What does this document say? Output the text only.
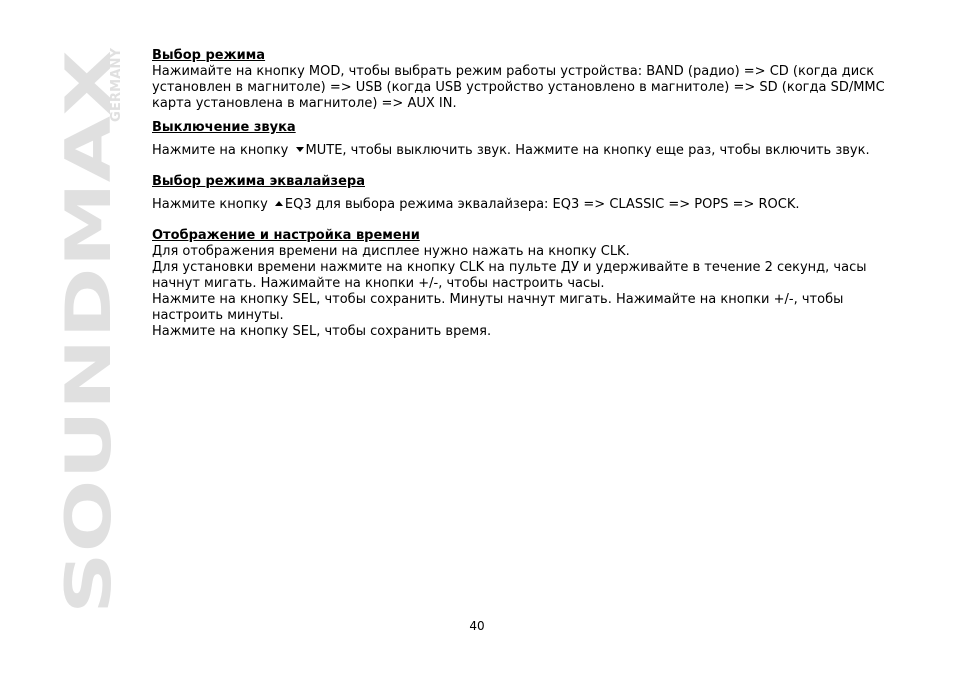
SOUNDMAX
GERMANY Выбор режима

Нажимайте на кнопку MOD, чтобы выбрать режим работы устройства: BAND (радио) => CD (когда диск установлен в магнитоле) => USB (когда USB устройство установлено в магнитоле) => SD (когда SD/MMC карта установлена в магнитоле) => AUX IN.

Выключение звука

Нажмите на кнопку MUTE, чтобы выключить звук. Нажмите на кнопку еще раз, чтобы включить звук.

Выбор режима эквалайзера

Нажмите кнопку EQ3 для выбора режима эквалайзера: EQ3 => CLASSIC => POPS => ROCK.

Отображение и настройка времени

Для отображения времени на дисплее нужно нажать на кнопку CLK.

Для установки времени нажмите на кнопку CLK на пульте ДУ и удерживайте в течение 2 секунд, часы начнут мигать. Нажимайте на кнопки +/-, чтобы настроить часы.

Нажмите на кнопку SEL, чтобы сохранить. Минуты начнут мигать. Нажимайте на кнопки +/-, чтобы настроить минуты.

Нажмите на кнопку SEL, чтобы сохранить время.

40
